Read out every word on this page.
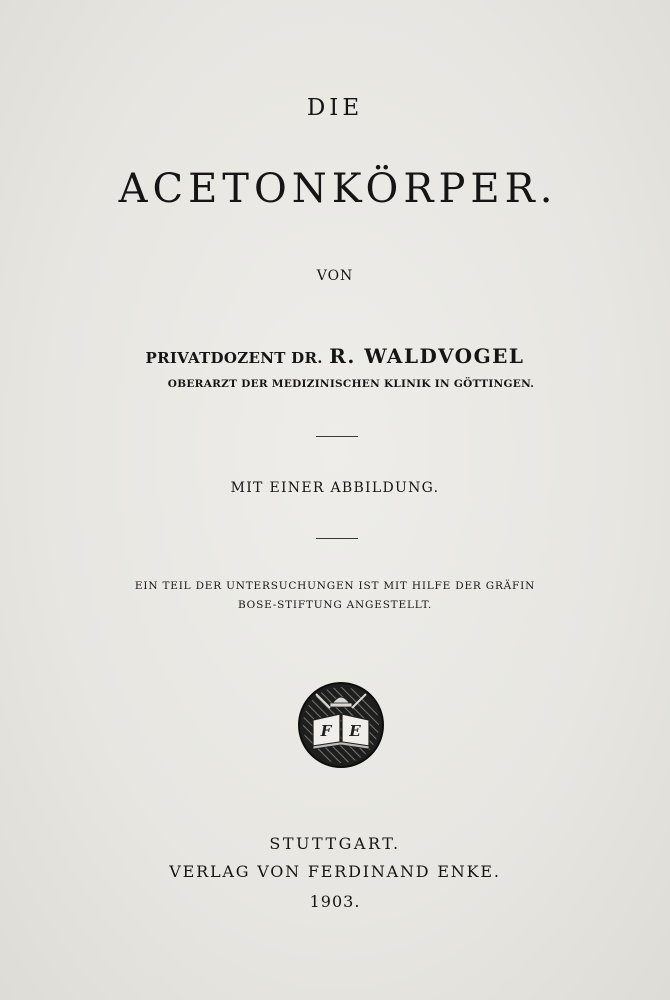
DIE
ACETONKÖRPER.
VON
PRIVATDOZENT DR. R. WALDVOGEL
OBERARZT DER MEDIZINISCHEN KLINIK IN GÖTTINGEN.
MIT EINER ABBILDUNG.
EIN TEIL DER UNTERSUCHUNGEN IST MIT HILFE DER GRÄFIN
BOSE-STIFTUNG ANGESTELLT.
F E
STUTTGART.
VERLAG VON FERDINAND ENKE.
1903.
